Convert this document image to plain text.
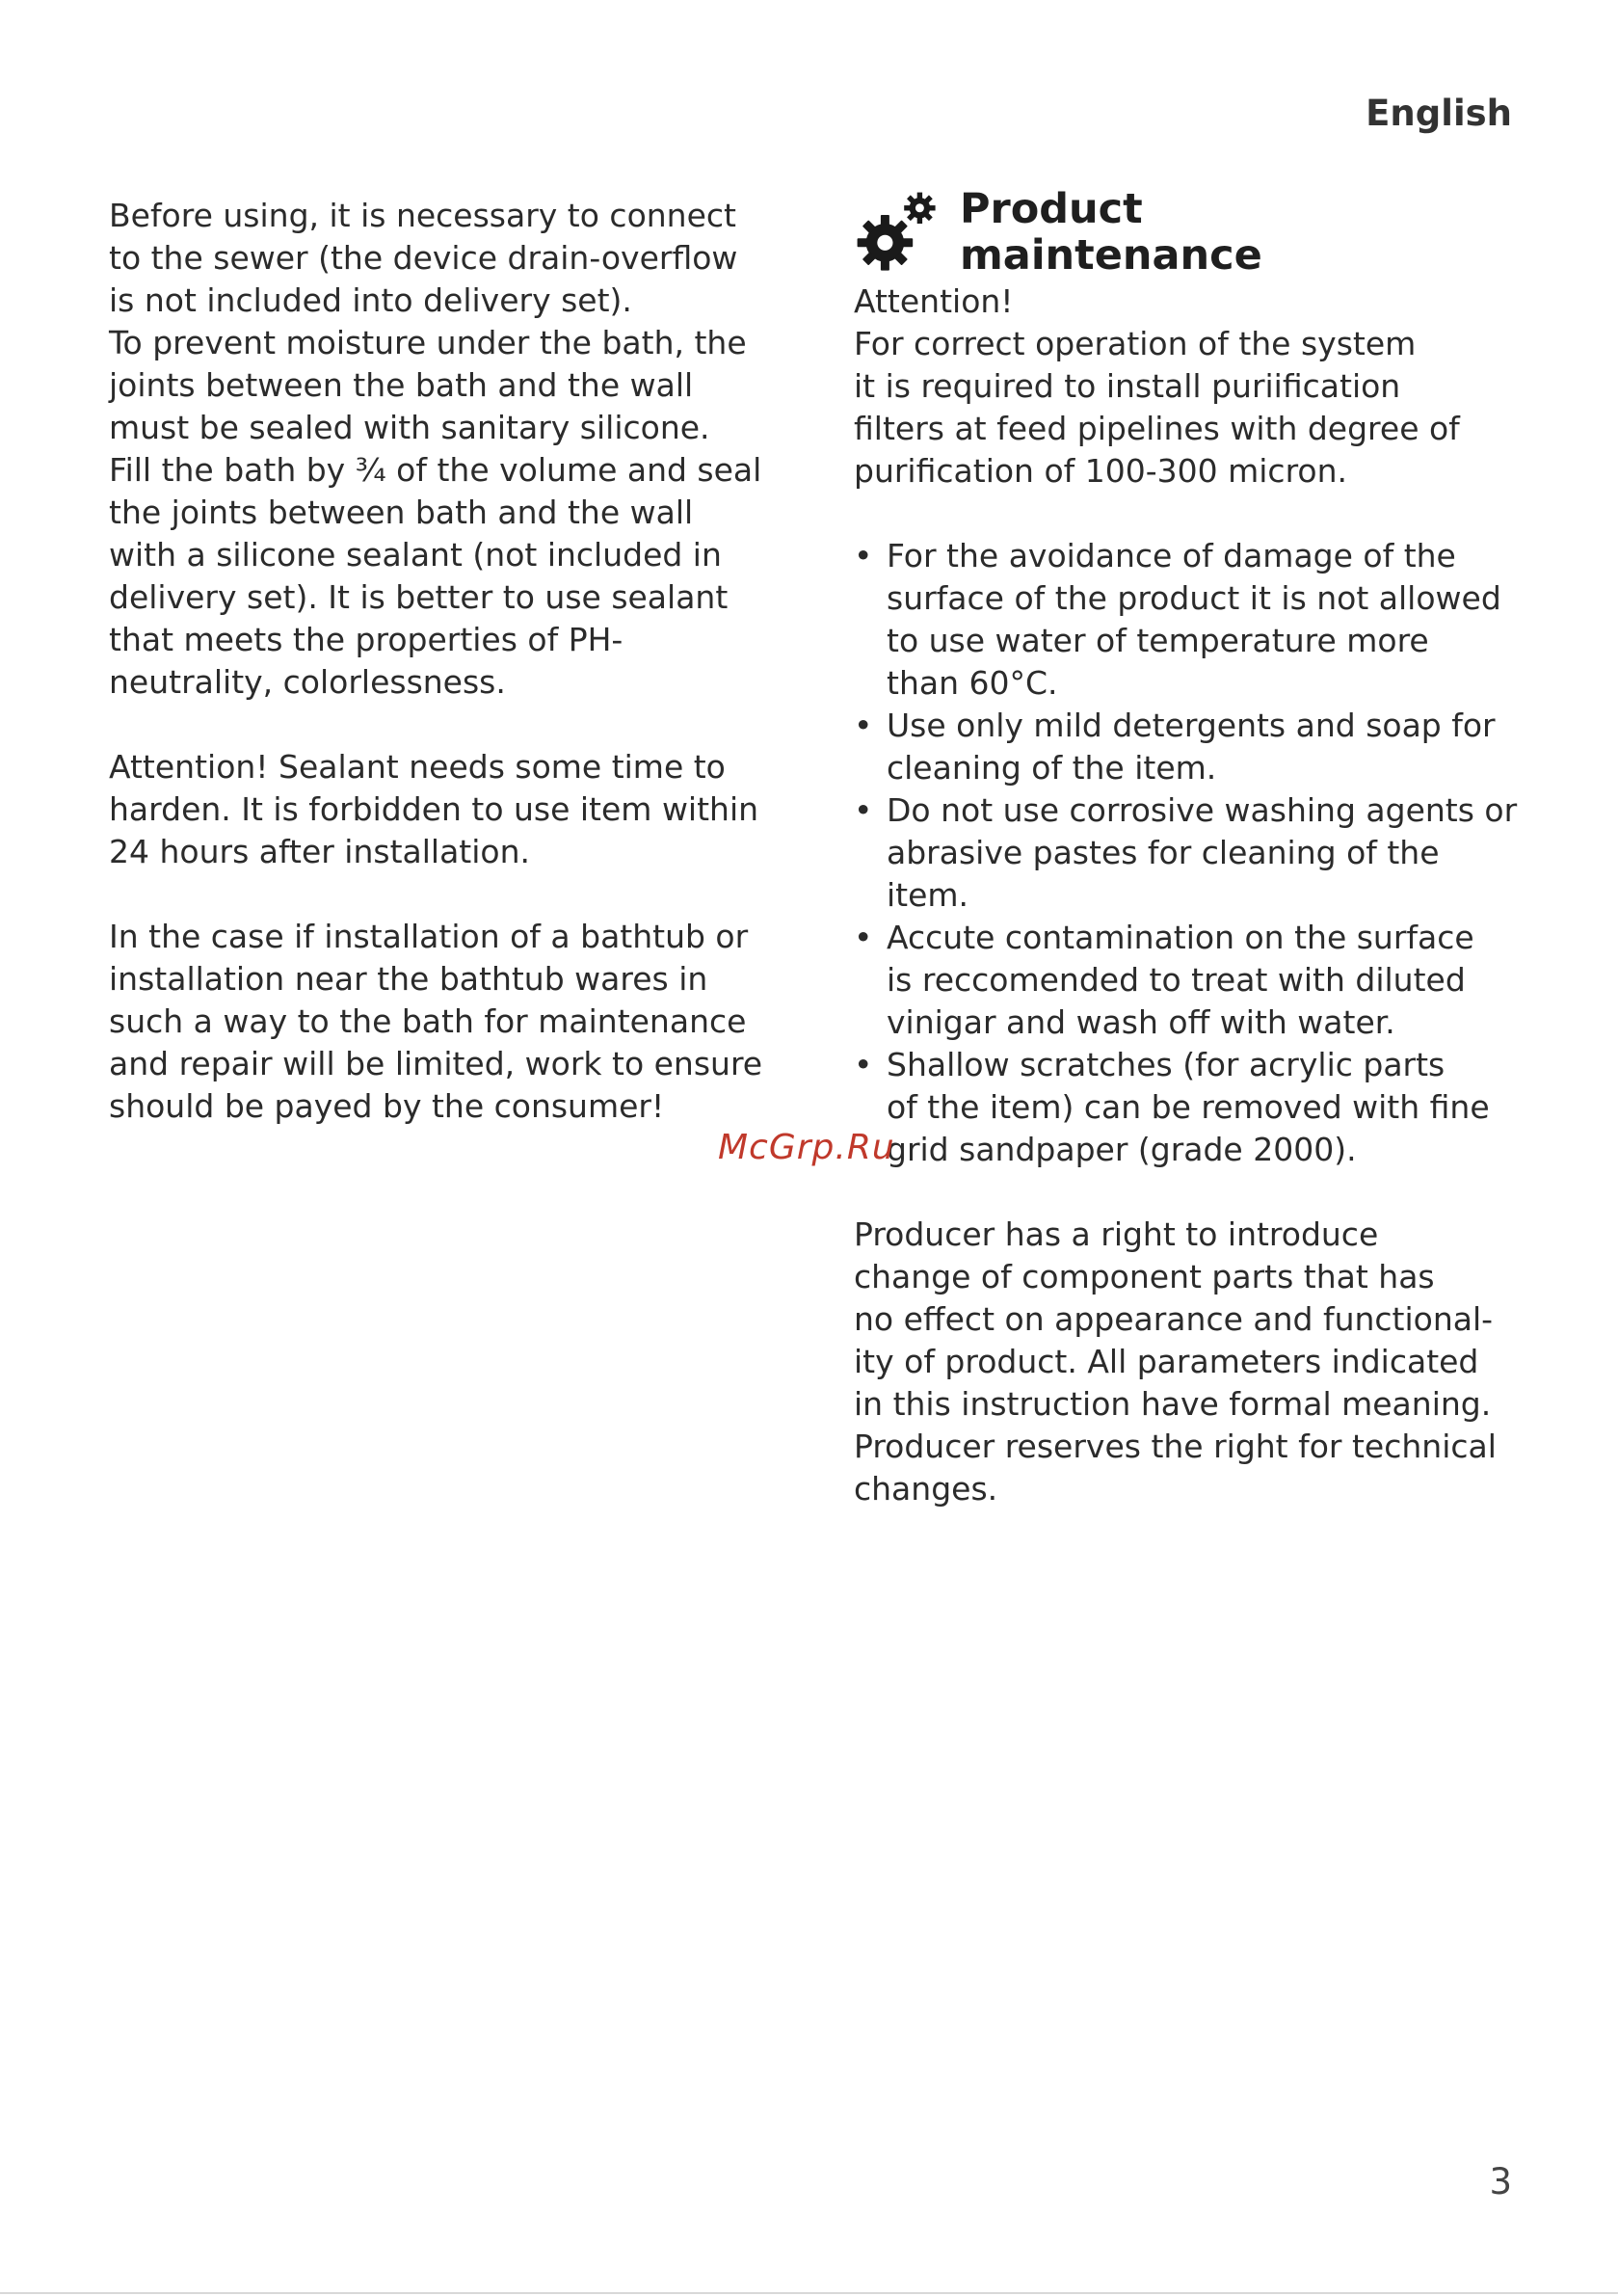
English

Before using, it is necessary to connect
to the sewer (the device drain-overflow
is not included into delivery set).
To prevent moisture under the bath, the
joints between the bath and the wall
must be sealed with sanitary silicone.
Fill the bath by ¾ of the volume and seal
the joints between bath and the wall
with a silicone sealant (not included in
delivery set). It is better to use sealant
that meets the properties of PH-
neutrality, colorlessness.

Attention! Sealant needs some time to
harden. It is forbidden to use item within
24 hours after installation.

In the case if installation of a bathtub or
installation near the bathtub wares in
such a way to the bath for maintenance
and repair will be limited, work to ensure
should be payed by the consumer!

Product
maintenance

Attention!

For correct operation of the system
it is required to install puriification
filters at feed pipelines with degree of
purification of 100-300 micron.

• For the avoidance of damage of the
surface of the product it is not allowed
to use water of temperature more
than 60°C.
• Use only mild detergents and soap for
cleaning of the item.
• Do not use corrosive washing agents or
abrasive pastes for cleaning of the item.
• Accute contamination on the surface
is reccomended to treat with diluted
vinigar and wash off with water.
• Shallow scratches (for acrylic parts
of the item) can be removed with fine
grid sandpaper (grade 2000).

Producer has a right to introduce
change of component parts that has
no effect on appearance and functional-
ity of product. All parameters indicated
in this instruction have formal meaning.
Producer reserves the right for technical
changes.

McGrp.Ru

3
